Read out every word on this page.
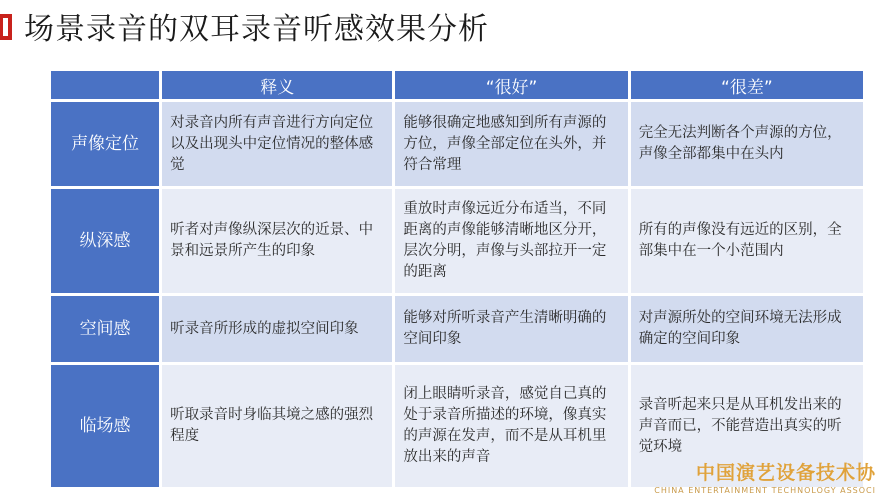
场景录音的双耳录音听感效果分析
	释义	“很好”	“很差”
声像定位	对录音内所有声音进行方向定位以及出现头中定位情况的整体感觉	能够很确定地感知到所有声源的方位，声像全部定位在头外，并符合常理	完全无法判断各个声源的方位，声像全部都集中在头内
纵深感	听者对声像纵深层次的近景、中景和远景所产生的印象	重放时声像远近分布适当，不同距离的声像能够清晰地区分开，层次分明，声像与头部拉开一定的距离	所有的声像没有远近的区别，全部集中在一个小范围内
空间感	听录音所形成的虚拟空间印象	能够对所听录音产生清晰明确的空间印象	对声源所处的空间环境无法形成确定的空间印象
临场感	听取录音时身临其境之感的强烈程度	闭上眼睛听录音，感觉自己真的处于录音所描述的环境，像真实的声源在发声，而不是从耳机里放出来的声音	录音听起来只是从耳机发出来的声音而已，不能营造出真实的听觉环境
中国演艺设备技术协
CHINA ENTERTAINMENT TECHNOLOGY ASSOCI
